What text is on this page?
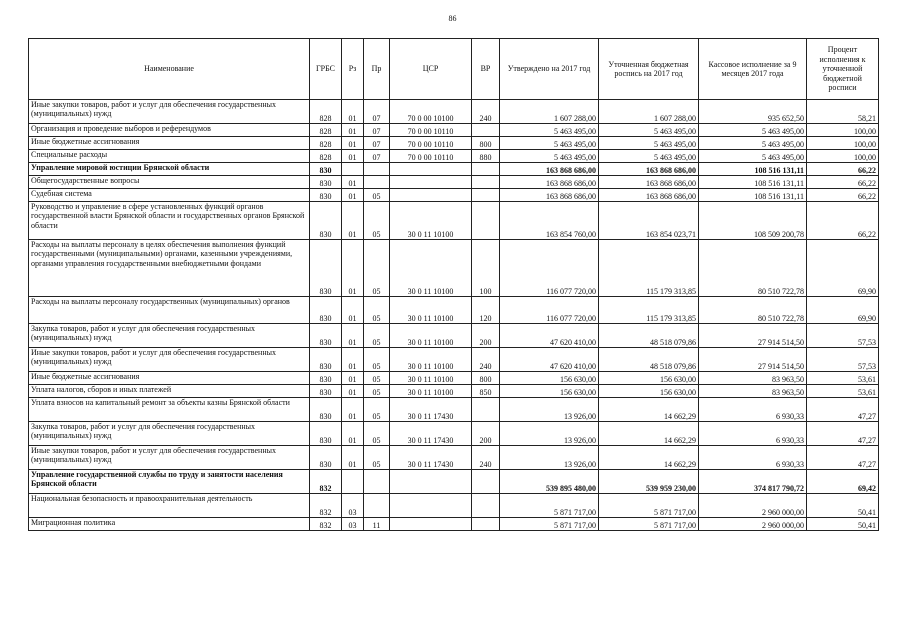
86
Наименование	ГРБС	Рз	Пр	ЦСР	ВР	Утверждено на 2017 год	Уточненная бюджетная роспись на 2017 год	Кассовое исполнение за 9 месяцев 2017 года	Процент исполнения к уточненной бюджетной росписи
Иные закупки товаров, работ и услуг для обеспечения государственных (муниципальных) нужд	828	01	07	70 0 00 10100	240	1 607 288,00	1 607 288,00	935 652,50	58,21
Организация и проведение выборов и референдумов	828	01	07	70 0 00 10110		5 463 495,00	5 463 495,00	5 463 495,00	100,00
Иные бюджетные ассигнования	828	01	07	70 0 00 10110	800	5 463 495,00	5 463 495,00	5 463 495,00	100,00
Специальные расходы	828	01	07	70 0 00 10110	880	5 463 495,00	5 463 495,00	5 463 495,00	100,00
Управление мировой юстиции Брянской области	830					163 868 686,00	163 868 686,00	108 516 131,11	66,22
Общегосударственные вопросы	830	01				163 868 686,00	163 868 686,00	108 516 131,11	66,22
Судебная система	830	01	05			163 868 686,00	163 868 686,00	108 516 131,11	66,22
Руководство и управление в сфере установленных функций органов государственной власти Брянской области и государственных органов Брянской области	830	01	05	30 0 11 10100		163 854 760,00	163 854 023,71	108 509 200,78	66,22
Расходы на выплаты персоналу в целях обеспечения выполнения функций государственными (муниципальными) органами, казенными учреждениями, органами управления государственными внебюджетными фондами	830	01	05	30 0 11 10100	100	116 077 720,00	115 179 313,85	80 510 722,78	69,90
Расходы на выплаты персоналу государственных (муниципальных) органов	830	01	05	30 0 11 10100	120	116 077 720,00	115 179 313,85	80 510 722,78	69,90
Закупка товаров, работ и услуг для обеспечения государственных (муниципальных) нужд	830	01	05	30 0 11 10100	200	47 620 410,00	48 518 079,86	27 914 514,50	57,53
Иные закупки товаров, работ и услуг для обеспечения государственных (муниципальных) нужд	830	01	05	30 0 11 10100	240	47 620 410,00	48 518 079,86	27 914 514,50	57,53
Иные бюджетные ассигнования	830	01	05	30 0 11 10100	800	156 630,00	156 630,00	83 963,50	53,61
Уплата налогов, сборов и иных платежей	830	01	05	30 0 11 10100	850	156 630,00	156 630,00	83 963,50	53,61
Уплата взносов на капитальный ремонт за объекты казны Брянской области	830	01	05	30 0 11 17430		13 926,00	14 662,29	6 930,33	47,27
Закупка товаров, работ и услуг для обеспечения государственных (муниципальных) нужд	830	01	05	30 0 11 17430	200	13 926,00	14 662,29	6 930,33	47,27
Иные закупки товаров, работ и услуг для обеспечения государственных (муниципальных) нужд	830	01	05	30 0 11 17430	240	13 926,00	14 662,29	6 930,33	47,27
Управление государственной службы по труду и занятости населения Брянской области	832					539 895 480,00	539 959 230,00	374 817 790,72	69,42
Национальная безопасность и правоохранительная деятельность	832	03				5 871 717,00	5 871 717,00	2 960 000,00	50,41
Миграционная политика	832	03	11			5 871 717,00	5 871 717,00	2 960 000,00	50,41
